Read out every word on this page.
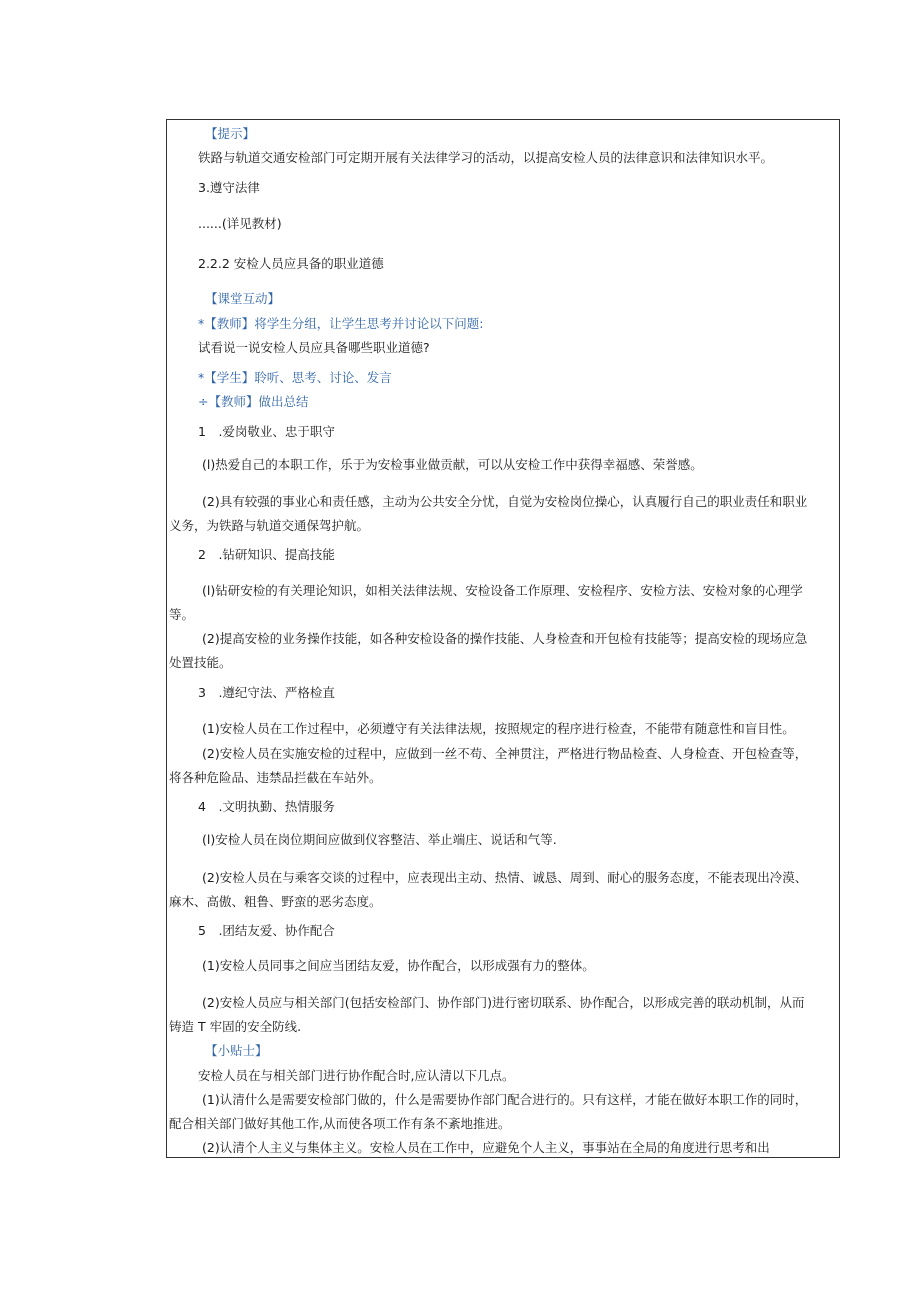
【提示】
铁路与轨道交通安检部门可定期开展有关法律学习的活动，以提高安检人员的法律意识和法律知识水平。
3.遵守法律
......(详见教材)
2.2.2 安检人员应具备的职业道德
【课堂互动】
*【教师】将学生分组，让学生思考并讨论以下问题:
试看说一说安检人员应具备哪些职业道德?
*【学生】聆听、思考、讨论、发言
÷【教师】做出总结
1　.爱岗敬业、忠于职守
(l)热爱自己的本职工作，乐于为安检事业做贡献，可以从安检工作中获得幸福感、荣誉感。
(2)具有较强的事业心和责任感，主动为公共安全分忧，自觉为安检岗位操心，认真履行自己的职业责任和职业
义务，为铁路与轨道交通保驾护航。
2　.钻研知识、提高技能
(l)钻研安检的有关理论知识，如相关法律法规、安检设备工作原理、安检程序、安检方法、安检对象的心理学
等。
(2)提高安检的业务操作技能，如各种安检设备的操作技能、人身检查和开包检有技能等；提高安检的现场应急
处置技能。
3　.遵纪守法、严格检直
(1)安检人员在工作过程中，必须遵守有关法律法规，按照规定的程序进行检查，不能带有随意性和盲目性。
(2)安检人员在实施安检的过程中，应做到一丝不苟、全神贯注，严格进行物品检查、人身检查、开包检查等，
将各种危险品、违禁品拦截在车站外。
4　.文明执勤、热情服务
(l)安检人员在岗位期间应做到仪容整洁、举止端庄、说话和气等.
(2)安检人员在与乘客交谈的过程中，应表现出主动、热情、诚恳、周到、耐心的服务态度，不能表现出冷漠、
麻木、高傲、粗鲁、野蛮的恶劣态度。
5　.团结友爱、协作配合
(1)安检人员同事之间应当团结友爱，协作配合，以形成强有力的整体。
(2)安检人员应与相关部门(包括安检部门、协作部门)进行密切联系、协作配合，以形成完善的联动机制，从而
铸造 T 牢固的安全防线.
【小贴士】
安检人员在与相关部门进行协作配合时,应认清以下几点。
(1)认清什么是需要安检部门做的，什么是需要协作部门配合进行的。只有这样，才能在做好本职工作的同时，
配合相关部门做好其他工作,从而使各项工作有条不紊地推进。
(2)认清个人主义与集体主义。安检人员在工作中，应避免个人主义，事事站在全局的角度进行思考和出
